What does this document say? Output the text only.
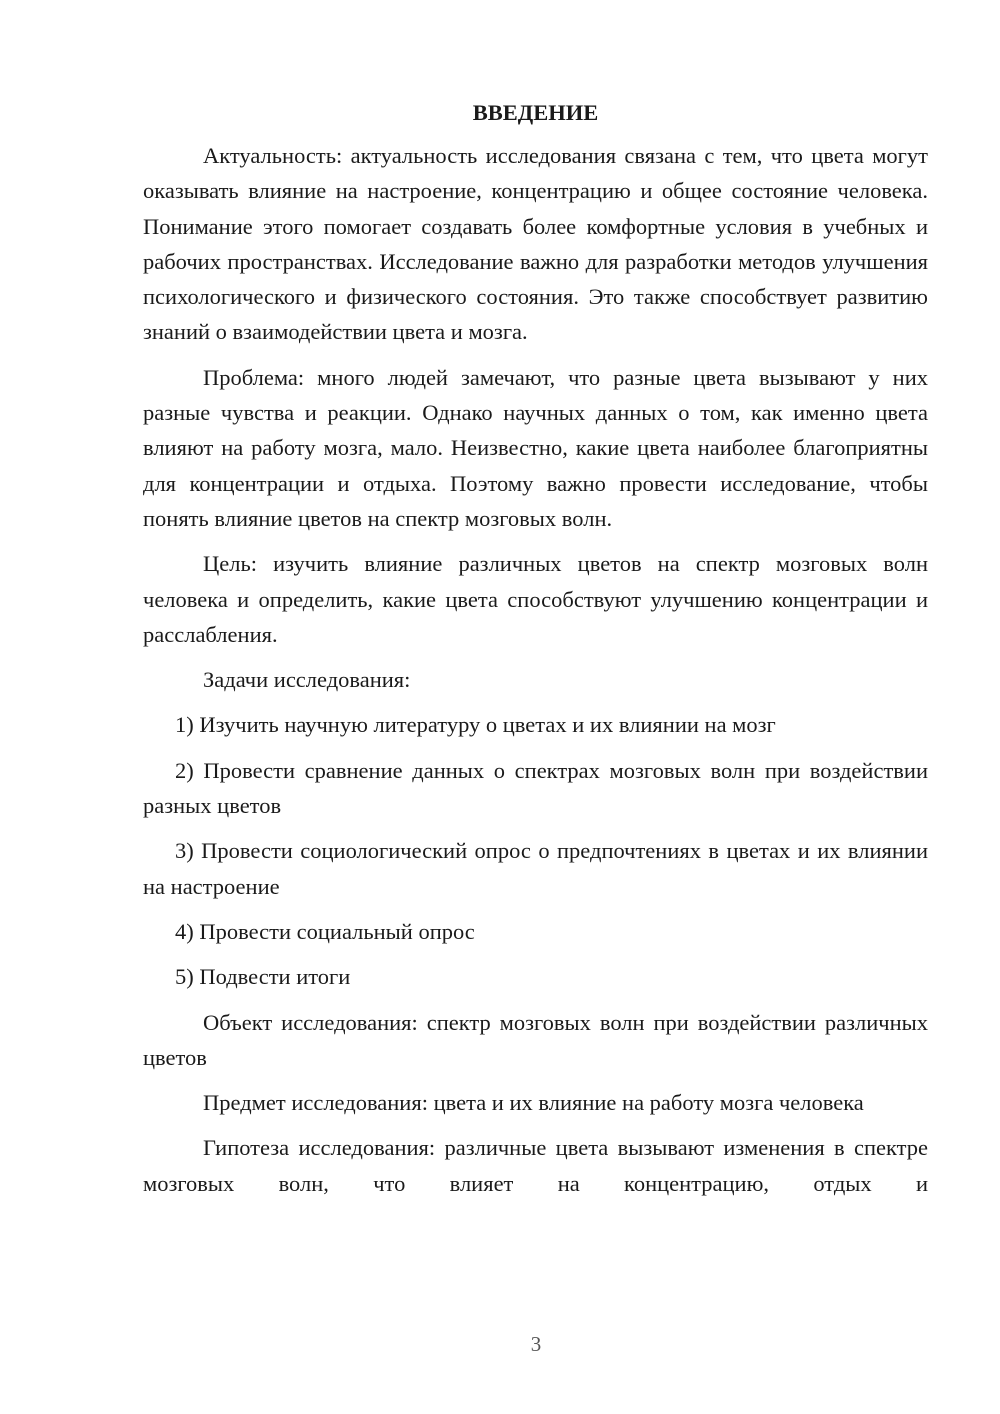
ВВЕДЕНИЕ

Актуальность: актуальность исследования связана с тем, что цвета могут оказывать влияние на настроение, концентрацию и общее состояние человека. Понимание этого помогает создавать более комфортные условия в учебных и рабочих пространствах. Исследование важно для разработки методов улучшения психологического и физического состояния. Это также способствует развитию знаний о взаимодействии цвета и мозга.

Проблема: много людей замечают, что разные цвета вызывают у них разные чувства и реакции. Однако научных данных о том, как именно цвета влияют на работу мозга, мало. Неизвестно, какие цвета наиболее благоприятны для концентрации и отдыха. Поэтому важно провести исследование, чтобы понять влияние цветов на спектр мозговых волн.

Цель: изучить влияние различных цветов на спектр мозговых волн человека и определить, какие цвета способствуют улучшению концентрации и расслабления.

Задачи исследования:

1) Изучить научную литературу о цветах и их влиянии на мозг

2) Провести сравнение данных о спектрах мозговых волн при воздействии разных цветов

3) Провести социологический опрос о предпочтениях в цветах и их влиянии на настроение

4) Провести социальный опрос

5) Подвести итоги

Объект исследования: спектр мозговых волн при воздействии различных цветов

Предмет исследования: цвета и их влияние на работу мозга человека

Гипотеза исследования: различные цвета вызывают изменения в спектре мозговых волн, что влияет на концентрацию, отдых и

3
